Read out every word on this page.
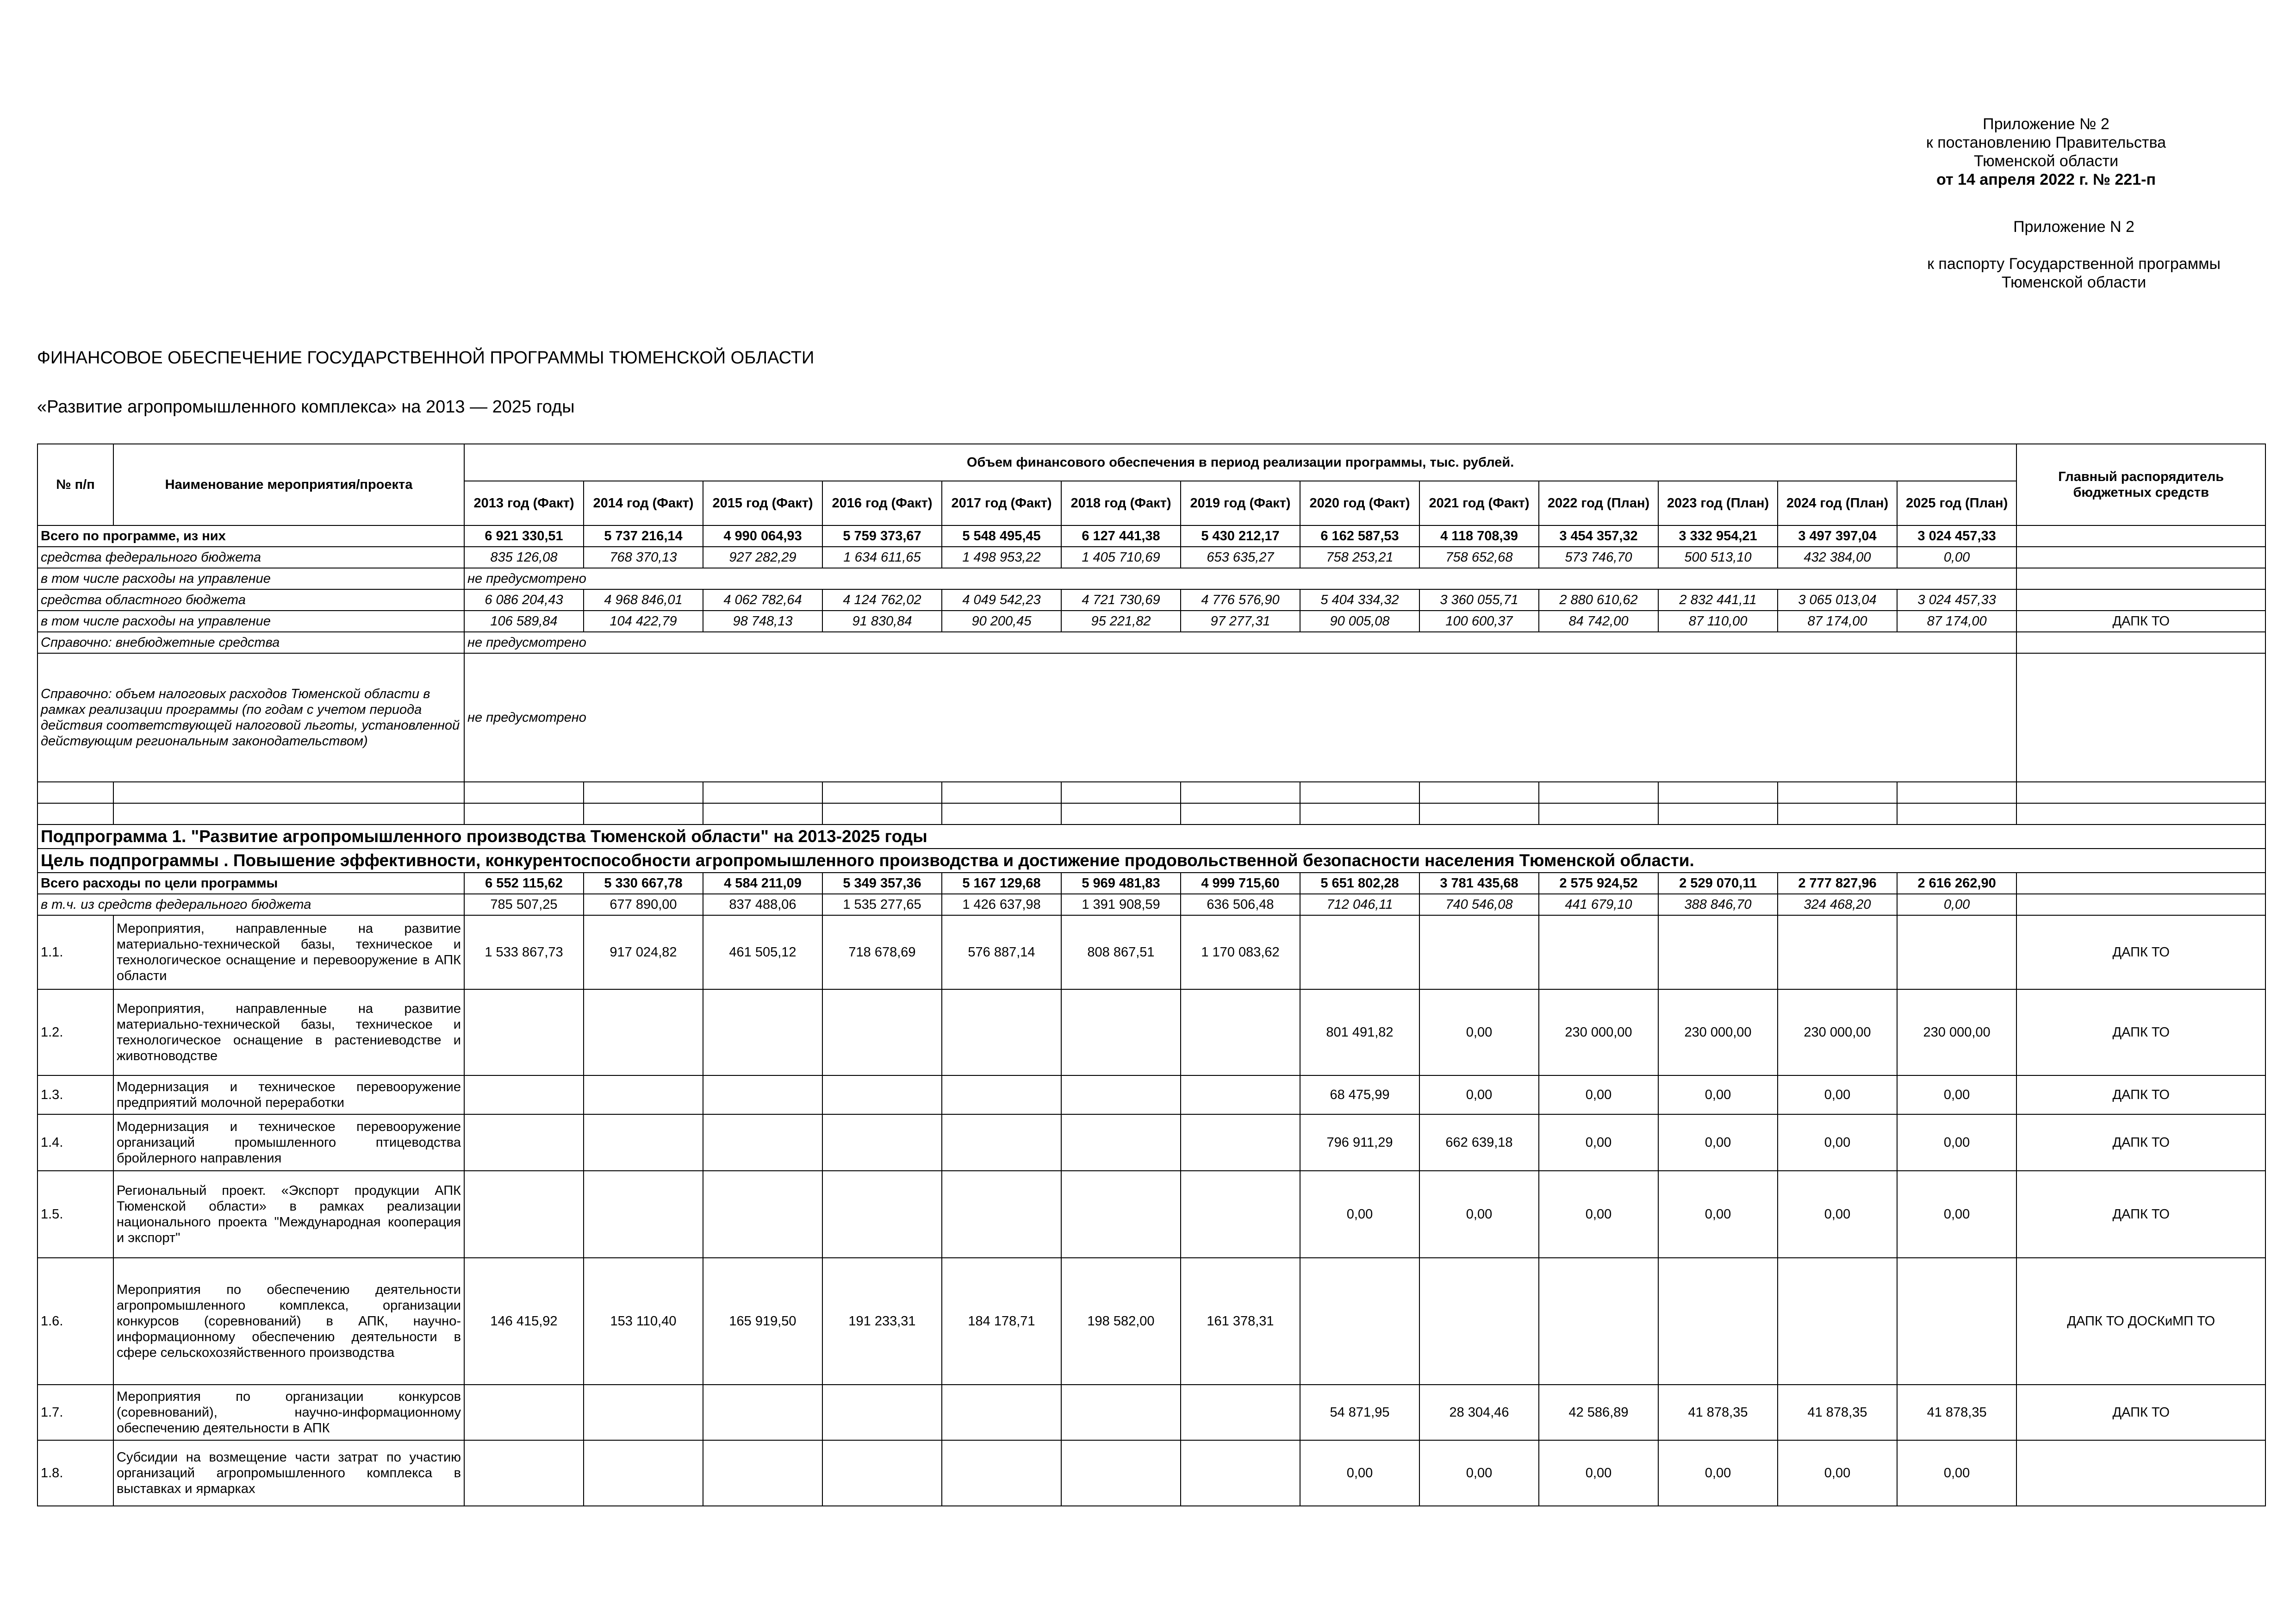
Приложение № 2
к постановлению Правительства
Тюменской области
от 14 апреля 2022 г. № 221-п
Приложение N 2
к паспорту Государственной программы
Тюменской области
ФИНАНСОВОЕ ОБЕСПЕЧЕНИЕ ГОСУДАРСТВЕННОЙ ПРОГРАММЫ ТЮМЕНСКОЙ ОБЛАСТИ
«Развитие агропромышленного комплекса» на 2013 — 2025 годы
№ п/п	Наименование мероприятия/проекта	Объем финансового обеспечения в период реализации программы, тыс. рублей.													Главный распорядитель бюджетных средств
		2013 год (Факт)	2014 год (Факт)	2015 год (Факт)	2016 год (Факт)	2017 год (Факт)	2018 год (Факт)	2019 год (Факт)	2020 год (Факт)	2021 год (Факт)	2022 год (План)	2023 год (План)	2024 год (План)	2025 год (План)	
Всего по программе, из них		6 921 330,51	5 737 216,14	4 990 064,93	5 759 373,67	5 548 495,45	6 127 441,38	5 430 212,17	6 162 587,53	4 118 708,39	3 454 357,32	3 332 954,21	3 497 397,04	3 024 457,33	
средства федерального бюджета		835 126,08	768 370,13	927 282,29	1 634 611,65	1 498 953,22	1 405 710,69	653 635,27	758 253,21	758 652,68	573 746,70	500 513,10	432 384,00	0,00	
в том числе расходы на управление		не предусмотрено													
средства областного бюджета		6 086 204,43	4 968 846,01	4 062 782,64	4 124 762,02	4 049 542,23	4 721 730,69	4 776 576,90	5 404 334,32	3 360 055,71	2 880 610,62	2 832 441,11	3 065 013,04	3 024 457,33	
в том числе расходы на управление		106 589,84	104 422,79	98 748,13	91 830,84	90 200,45	95 221,82	97 277,31	90 005,08	100 600,37	84 742,00	87 110,00	87 174,00	87 174,00	ДАПК ТО
Справочно: внебюджетные средства		не предусмотрено													
Справочно: объем налоговых расходов Тюменской области в рамках реализации программы (по годам с учетом периода действия соответствующей налоговой льготы, установленной действующим региональным законодательством)		не предусмотрено													

Подпрограмма 1. "Развитие агропромышленного производства Тюменской области" на 2013-2025 годы															
Цель подпрограммы . Повышение эффективности, конкурентоспособности агропромышленного производства и достижение продовольственной безопасности населения Тюменской области.															
Всего расходы по цели программы		6 552 115,62	5 330 667,78	4 584 211,09	5 349 357,36	5 167 129,68	5 969 481,83	4 999 715,60	5 651 802,28	3 781 435,68	2 575 924,52	2 529 070,11	2 777 827,96	2 616 262,90	
в т.ч. из средств федерального бюджета		785 507,25	677 890,00	837 488,06	1 535 277,65	1 426 637,98	1 391 908,59	636 506,48	712 046,11	740 546,08	441 679,10	388 846,70	324 468,20	0,00	
1.1.	Мероприятия, направленные на развитие материально-технической базы, техническое и технологическое оснащение и перевооружение в АПК области	1 533 867,73	917 024,82	461 505,12	718 678,69	576 887,14	808 867,51	1 170 083,62							ДАПК ТО
1.2.	Мероприятия, направленные на развитие материально-технической базы, техническое и технологическое оснащение в растениеводстве и животноводстве								801 491,82	0,00	230 000,00	230 000,00	230 000,00	230 000,00	ДАПК ТО
1.3.	Модернизация и техническое перевооружение предприятий молочной переработки								68 475,99	0,00	0,00	0,00	0,00	0,00	ДАПК ТО
1.4.	Модернизация и техническое перевооружение организаций промышленного птицеводства бройлерного направления								796 911,29	662 639,18	0,00	0,00	0,00	0,00	ДАПК ТО
1.5.	Региональный проект. «Экспорт продукции АПК Тюменской области» в рамках реализации национального проекта "Международная кооперация и экспорт"								0,00	0,00	0,00	0,00	0,00	0,00	ДАПК ТО
1.6.	Мероприятия по обеспечению деятельности агропромышленного комплекса, организации конкурсов (соревнований) в АПК, научно-информационному обеспечению деятельности в сфере сельскохозяйственного производства	146 415,92	153 110,40	165 919,50	191 233,31	184 178,71	198 582,00	161 378,31							ДАПК ТО ДОСКиМП ТО
1.7.	Мероприятия по организации конкурсов (соревнований), научно-информационному обеспечению деятельности в АПК								54 871,95	28 304,46	42 586,89	41 878,35	41 878,35	41 878,35	ДАПК ТО
1.8.	Субсидии на возмещение части затрат по участию организаций агропромышленного комплекса в выставках и ярмарках								0,00	0,00	0,00	0,00	0,00	0,00	
